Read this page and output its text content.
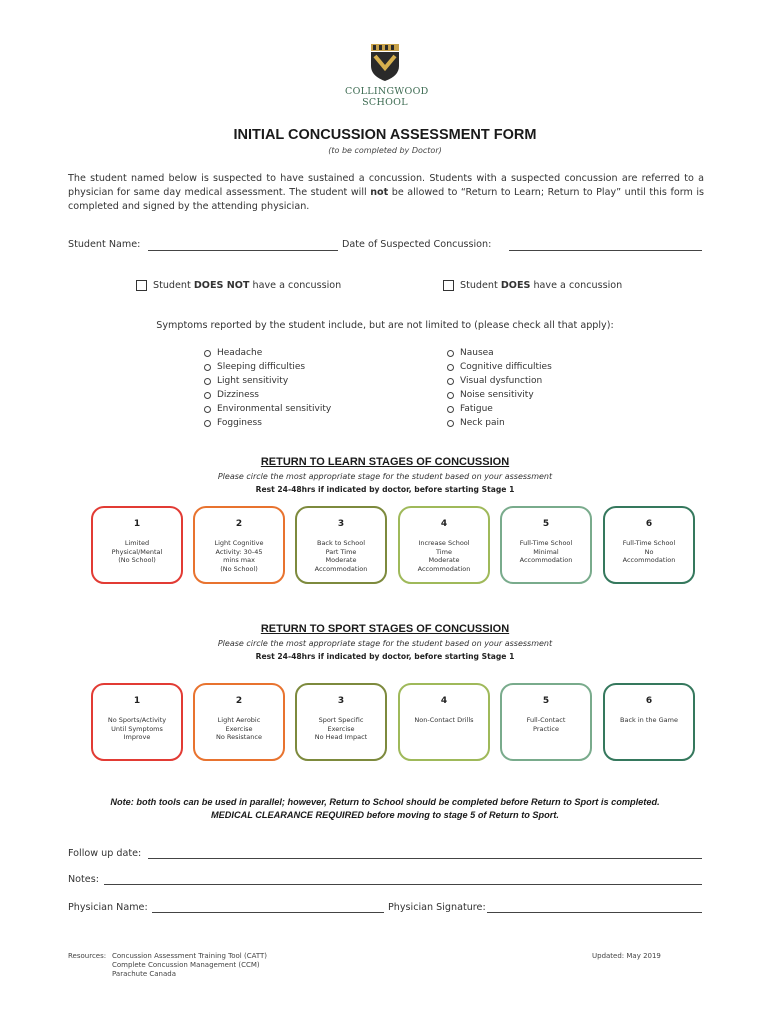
COLLINGWOOD
SCHOOL
INITIAL CONCUSSION ASSESSMENT FORM
(to be completed by Doctor)
The student named below is suspected to have sustained a concussion. Students with a suspected concussion are referred to a physician for same day medical assessment. The student will not be allowed to “Return to Learn; Return to Play” until this form is completed and signed by the attending physician.
Student Name:	Date of Suspected Concussion:
Student DOES NOT have a concussion	Student DOES have a concussion
Symptoms reported by the student include, but are not limited to (please check all that apply):
Headache
Sleeping difficulties
Light sensitivity
Dizziness
Environmental sensitivity
Fogginess
Nausea
Cognitive difficulties
Visual dysfunction
Noise sensitivity
Fatigue
Neck pain
RETURN TO LEARN STAGES OF CONCUSSION
Please circle the most appropriate stage for the student based on your assessment
Rest 24-48hrs if indicated by doctor, before starting Stage 1
1
Limited
Physical/Mental
(No School)
2
Light Cognitive
Activity: 30-45
mins max
(No School)
3
Back to School
Part Time
Moderate
Accommodation
4
Increase School
Time
Moderate
Accommodation
5
Full-Time School
Minimal
Accommodation
6
Full-Time School
No
Accommodation
RETURN TO SPORT STAGES OF CONCUSSION
Please circle the most appropriate stage for the student based on your assessment
Rest 24-48hrs if indicated by doctor, before starting Stage 1
1
No Sports/Activity
Until Symptoms
Improve
2
Light Aerobic
Exercise
No Resistance
3
Sport Specific
Exercise
No Head Impact
4
Non-Contact Drills
5
Full-Contact
Practice
6
Back in the Game
Note: both tools can be used in parallel; however, Return to School should be completed before Return to Sport is completed.
MEDICAL CLEARANCE REQUIRED before moving to stage 5 of Return to Sport.
Follow up date:
Notes:
Physician Name:	Physician Signature:
Resources: Concussion Assessment Training Tool (CATT)
Complete Concussion Management (CCM)
Parachute Canada
Updated: May 2019
